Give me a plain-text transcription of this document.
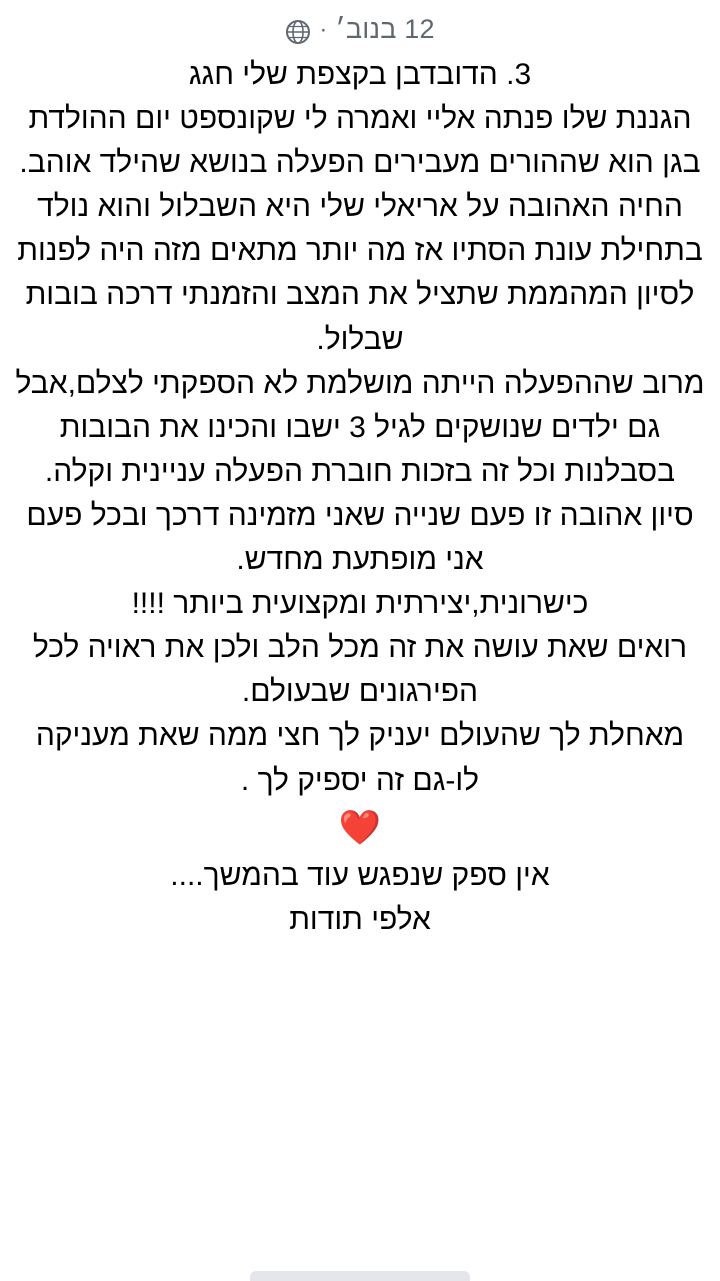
12 בנוב׳
·

3. הדובדבן בקצפת שלי חגג

הגננת שלו פנתה אליי ואמרה לי שקונספט יום ההולדת בגן הוא שההורים מעבירים הפעלה בנושא שהילד אוהב.

החיה האהובה על אריאלי שלי היא השבלול והוא נולד בתחילת עונת הסתיו אז מה יותר מתאים מזה היה לפנות לסיון המהממת שתציל את המצב והזמנתי דרכה בובות שבלול.

מרוב שההפעלה הייתה מושלמת לא הספקתי לצלם,אבל גם ילדים שנושקים לגיל 3 ישבו והכינו את הבובות בסבלנות וכל זה בזכות חוברת הפעלה עניינית וקלה.

סיון אהובה זו פעם שנייה שאני מזמינה דרכך ובכל פעם אני מופתעת מחדש.

כישרונית,יצירתית ומקצועית ביותר !!!!

רואים שאת עושה את זה מכל הלב ולכן את ראויה לכל הפירגונים שבעולם.

מאחלת לך שהעולם יעניק לך חצי ממה שאת מעניקה לו-גם זה יספיק לך .

❤️

אין ספק שנפגש עוד בהמשך....

אלפי תודות
